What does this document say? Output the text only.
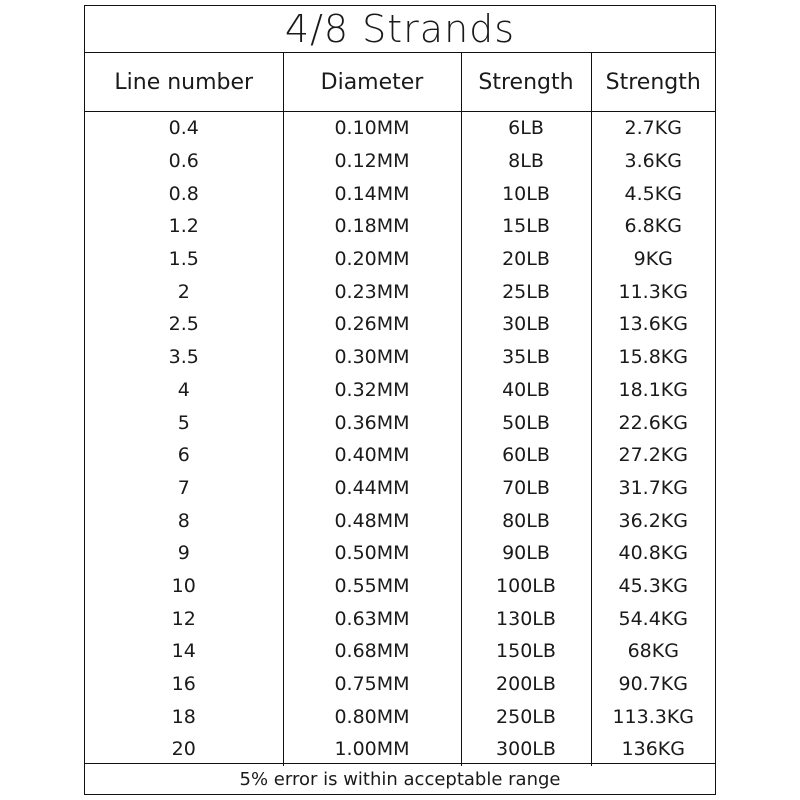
4/8 Strands
Line number	Diameter	Strength	Strength
0.4	0.10MM	6LB	2.7KG
0.6	0.12MM	8LB	3.6KG
0.8	0.14MM	10LB	4.5KG
1.2	0.18MM	15LB	6.8KG
1.5	0.20MM	20LB	9KG
2	0.23MM	25LB	11.3KG
2.5	0.26MM	30LB	13.6KG
3.5	0.30MM	35LB	15.8KG
4	0.32MM	40LB	18.1KG
5	0.36MM	50LB	22.6KG
6	0.40MM	60LB	27.2KG
7	0.44MM	70LB	31.7KG
8	0.48MM	80LB	36.2KG
9	0.50MM	90LB	40.8KG
10	0.55MM	100LB	45.3KG
12	0.63MM	130LB	54.4KG
14	0.68MM	150LB	68KG
16	0.75MM	200LB	90.7KG
18	0.80MM	250LB	113.3KG
20	1.00MM	300LB	136KG
5% error is within acceptable range
